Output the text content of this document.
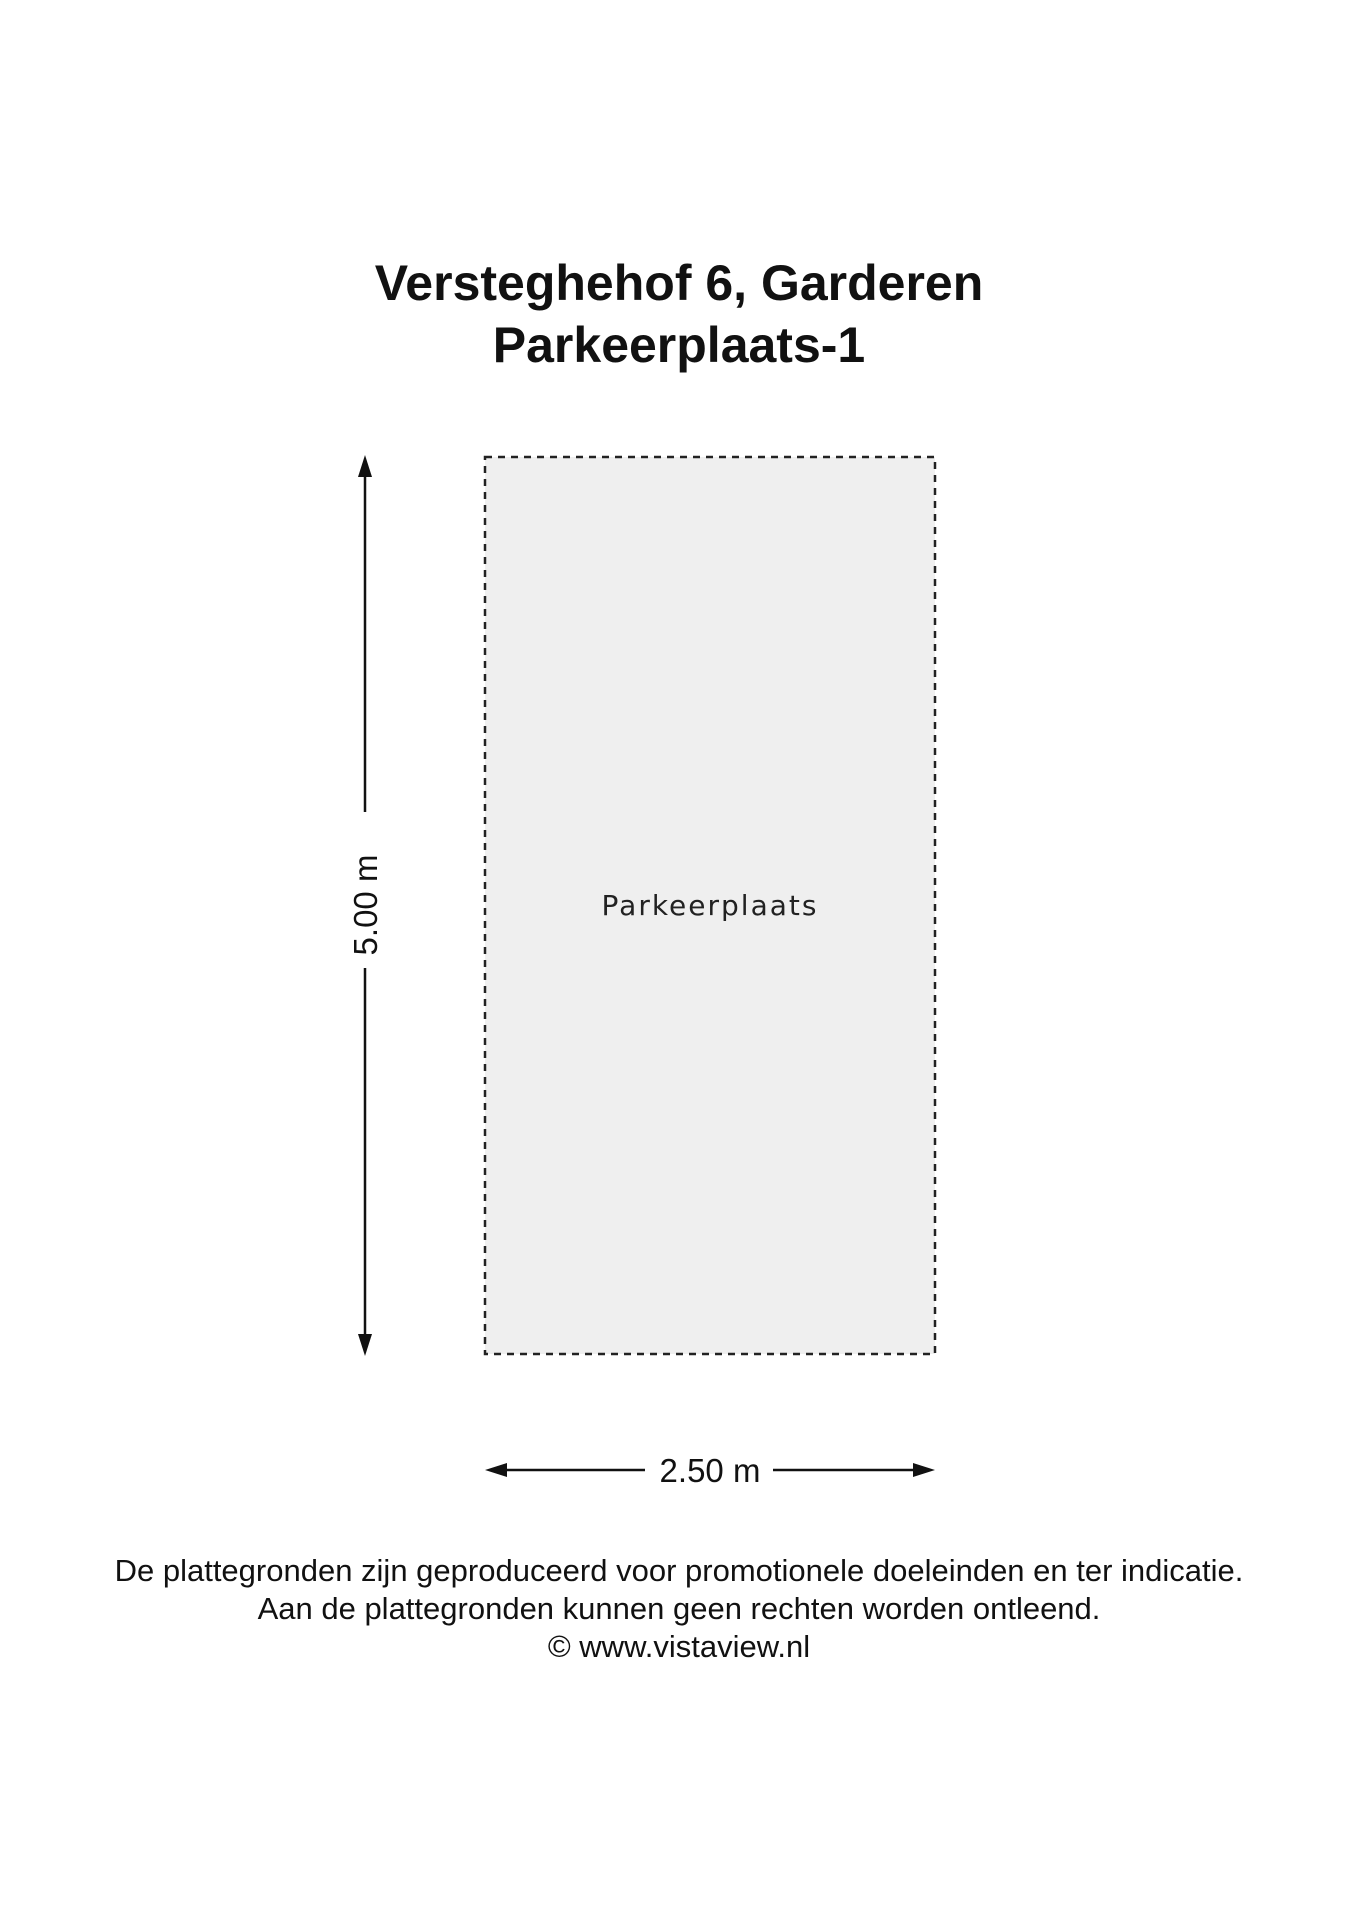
Versteghehof 6, Garderen
Parkeerplaats-1
Parkeerplaats
5.00 m
2.50 m
De plattegronden zijn geproduceerd voor promotionele doeleinden en ter indicatie.
Aan de plattegronden kunnen geen rechten worden ontleend.
© www.vistaview.nl
